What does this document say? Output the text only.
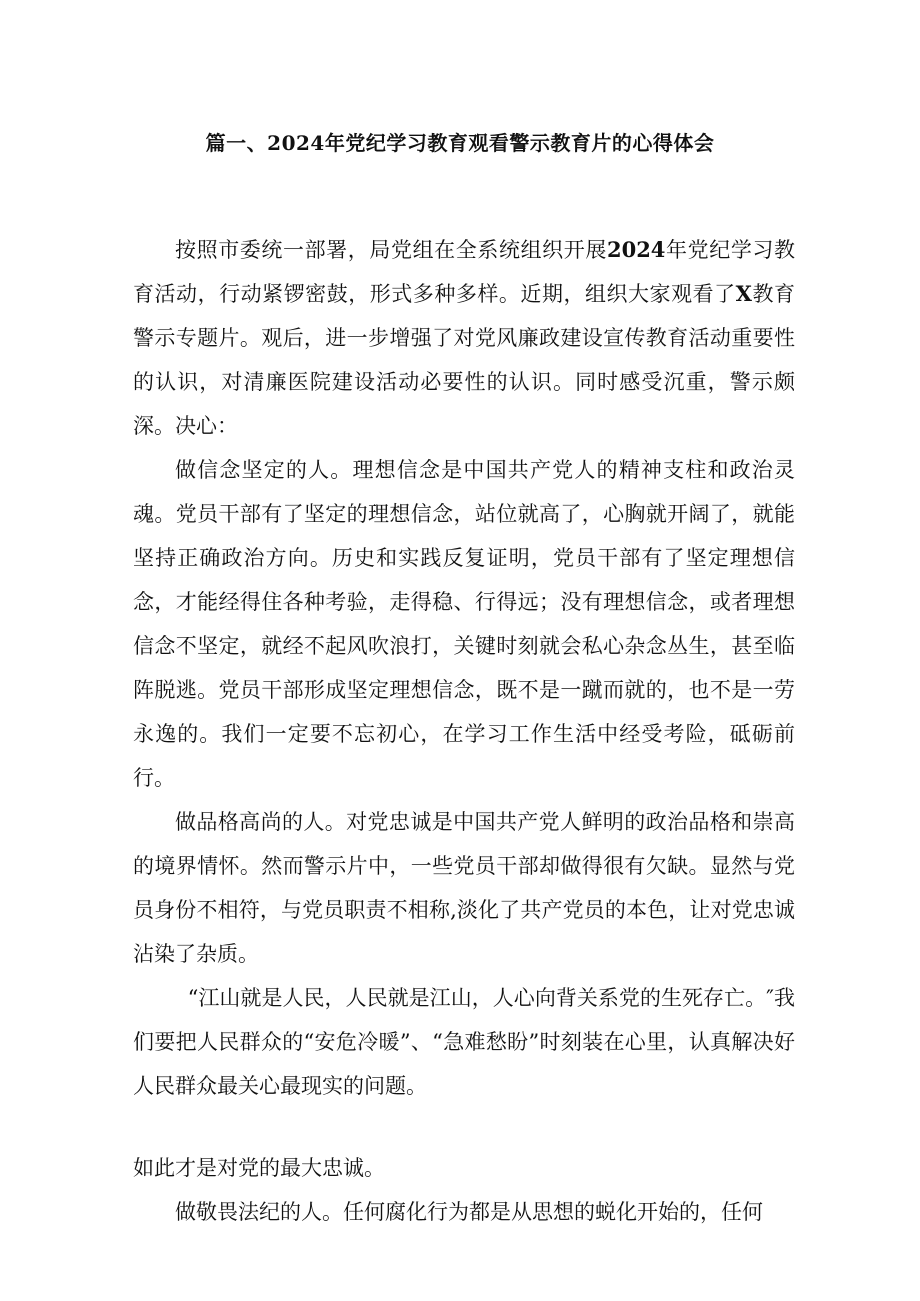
篇一、2024年党纪学习教育观看警示教育片的心得体会

按照市委统一部署，局党组在全系统组织开展2024年党纪学习教育活动，行动紧锣密鼓，形式多种多样。近期，组织大家观看了X教育警示专题片。观后，进一步增强了对党风廉政建设宣传教育活动重要性的认识，对清廉医院建设活动必要性的认识。同时感受沉重，警示颇深。决心：

做信念坚定的人。理想信念是中国共产党人的精神支柱和政治灵魂。党员干部有了坚定的理想信念，站位就高了，心胸就开阔了，就能坚持正确政治方向。历史和实践反复证明，党员干部有了坚定理想信念，才能经得住各种考验，走得稳、行得远；没有理想信念，或者理想信念不坚定，就经不起风吹浪打，关键时刻就会私心杂念丛生，甚至临阵脱逃。党员干部形成坚定理想信念，既不是一蹴而就的，也不是一劳永逸的。我们一定要不忘初心，在学习工作生活中经受考险，砥砺前行。

做品格高尚的人。对党忠诚是中国共产党人鲜明的政治品格和崇高的境界情怀。然而警示片中，一些党员干部却做得很有欠缺。显然与党员身份不相符，与党员职责不相称,淡化了共产党员的本色，让对党忠诚沾染了杂质。

“江山就是人民，人民就是江山，人心向背关系党的生死存亡。″我们要把人民群众的“安危冷暖”、“急难愁盼”时刻装在心里，认真解决好人民群众最关心最现实的问题。

如此才是对党的最大忠诚。

做敬畏法纪的人。任何腐化行为都是从思想的蜕化开始的，任何
